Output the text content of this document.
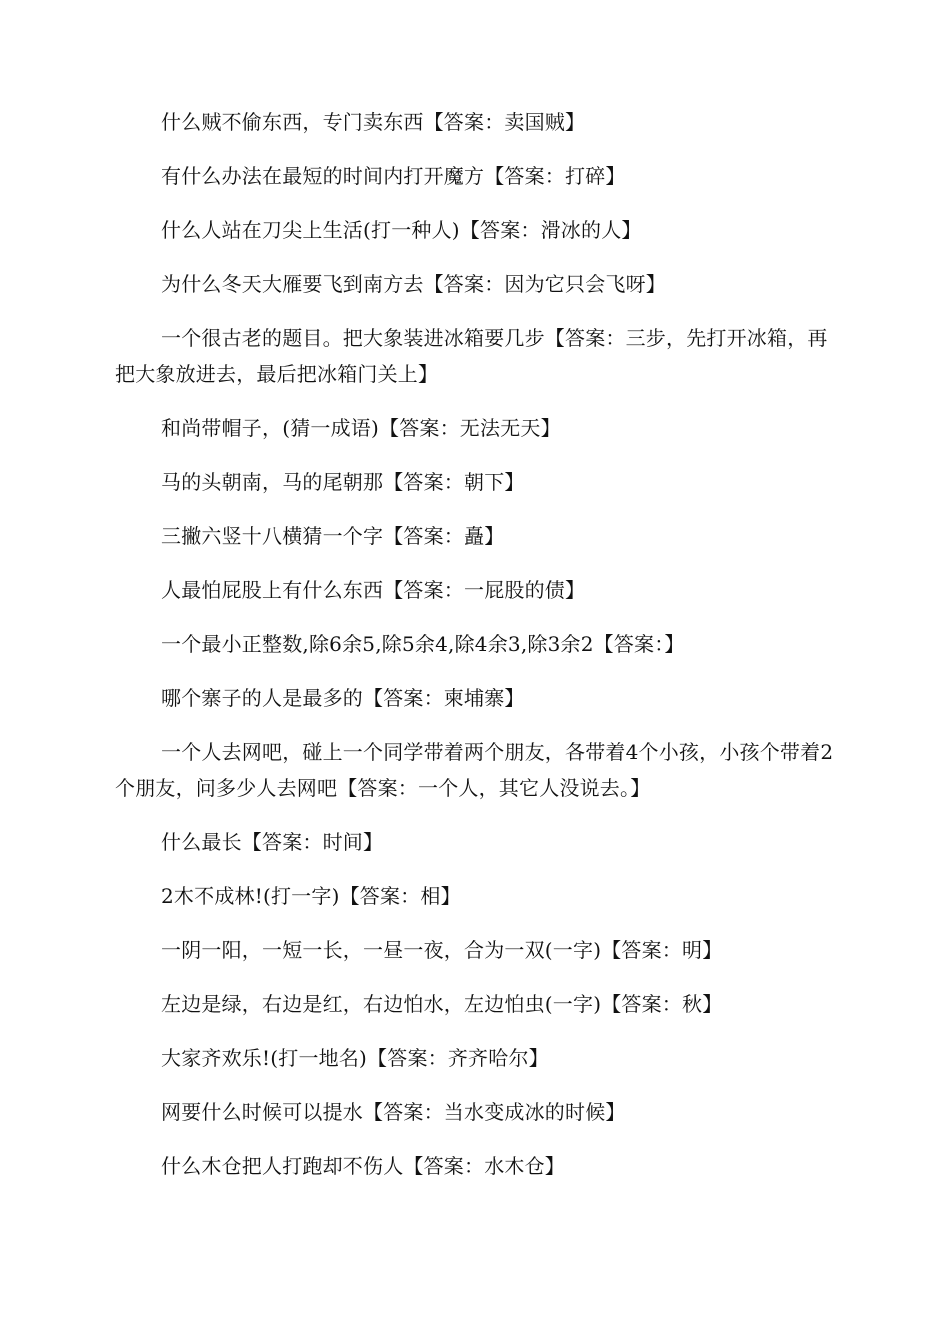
什么贼不偷东西，专门卖东西【答案：卖国贼】

有什么办法在最短的时间内打开魔方【答案：打碎】

什么人站在刀尖上生活(打一种人)【答案：滑冰的人】

为什么冬天大雁要飞到南方去【答案：因为它只会飞呀】

一个很古老的题目。把大象装进冰箱要几步【答案：三步，先打开冰箱，再把大象放进去，最后把冰箱门关上】

和尚带帽子，(猜一成语)【答案：无法无天】

马的头朝南，马的尾朝那【答案：朝下】

三撇六竖十八横猜一个字【答案：矗】

人最怕屁股上有什么东西【答案：一屁股的债】

一个最小正整数,除6余5,除5余4,除4余3,除3余2【答案：】

哪个寨子的人是最多的【答案：柬埔寨】

一个人去网吧，碰上一个同学带着两个朋友，各带着4个小孩，小孩个带着2个朋友，问多少人去网吧【答案：一个人，其它人没说去。】

什么最长【答案：时间】

2木不成林!(打一字)【答案：相】

一阴一阳，一短一长，一昼一夜，合为一双(一字)【答案：明】

左边是绿，右边是红，右边怕水，左边怕虫(一字)【答案：秋】

大家齐欢乐!(打一地名)【答案：齐齐哈尔】

网要什么时候可以提水【答案：当水变成冰的时候】

什么木仓把人打跑却不伤人【答案：水木仓】
